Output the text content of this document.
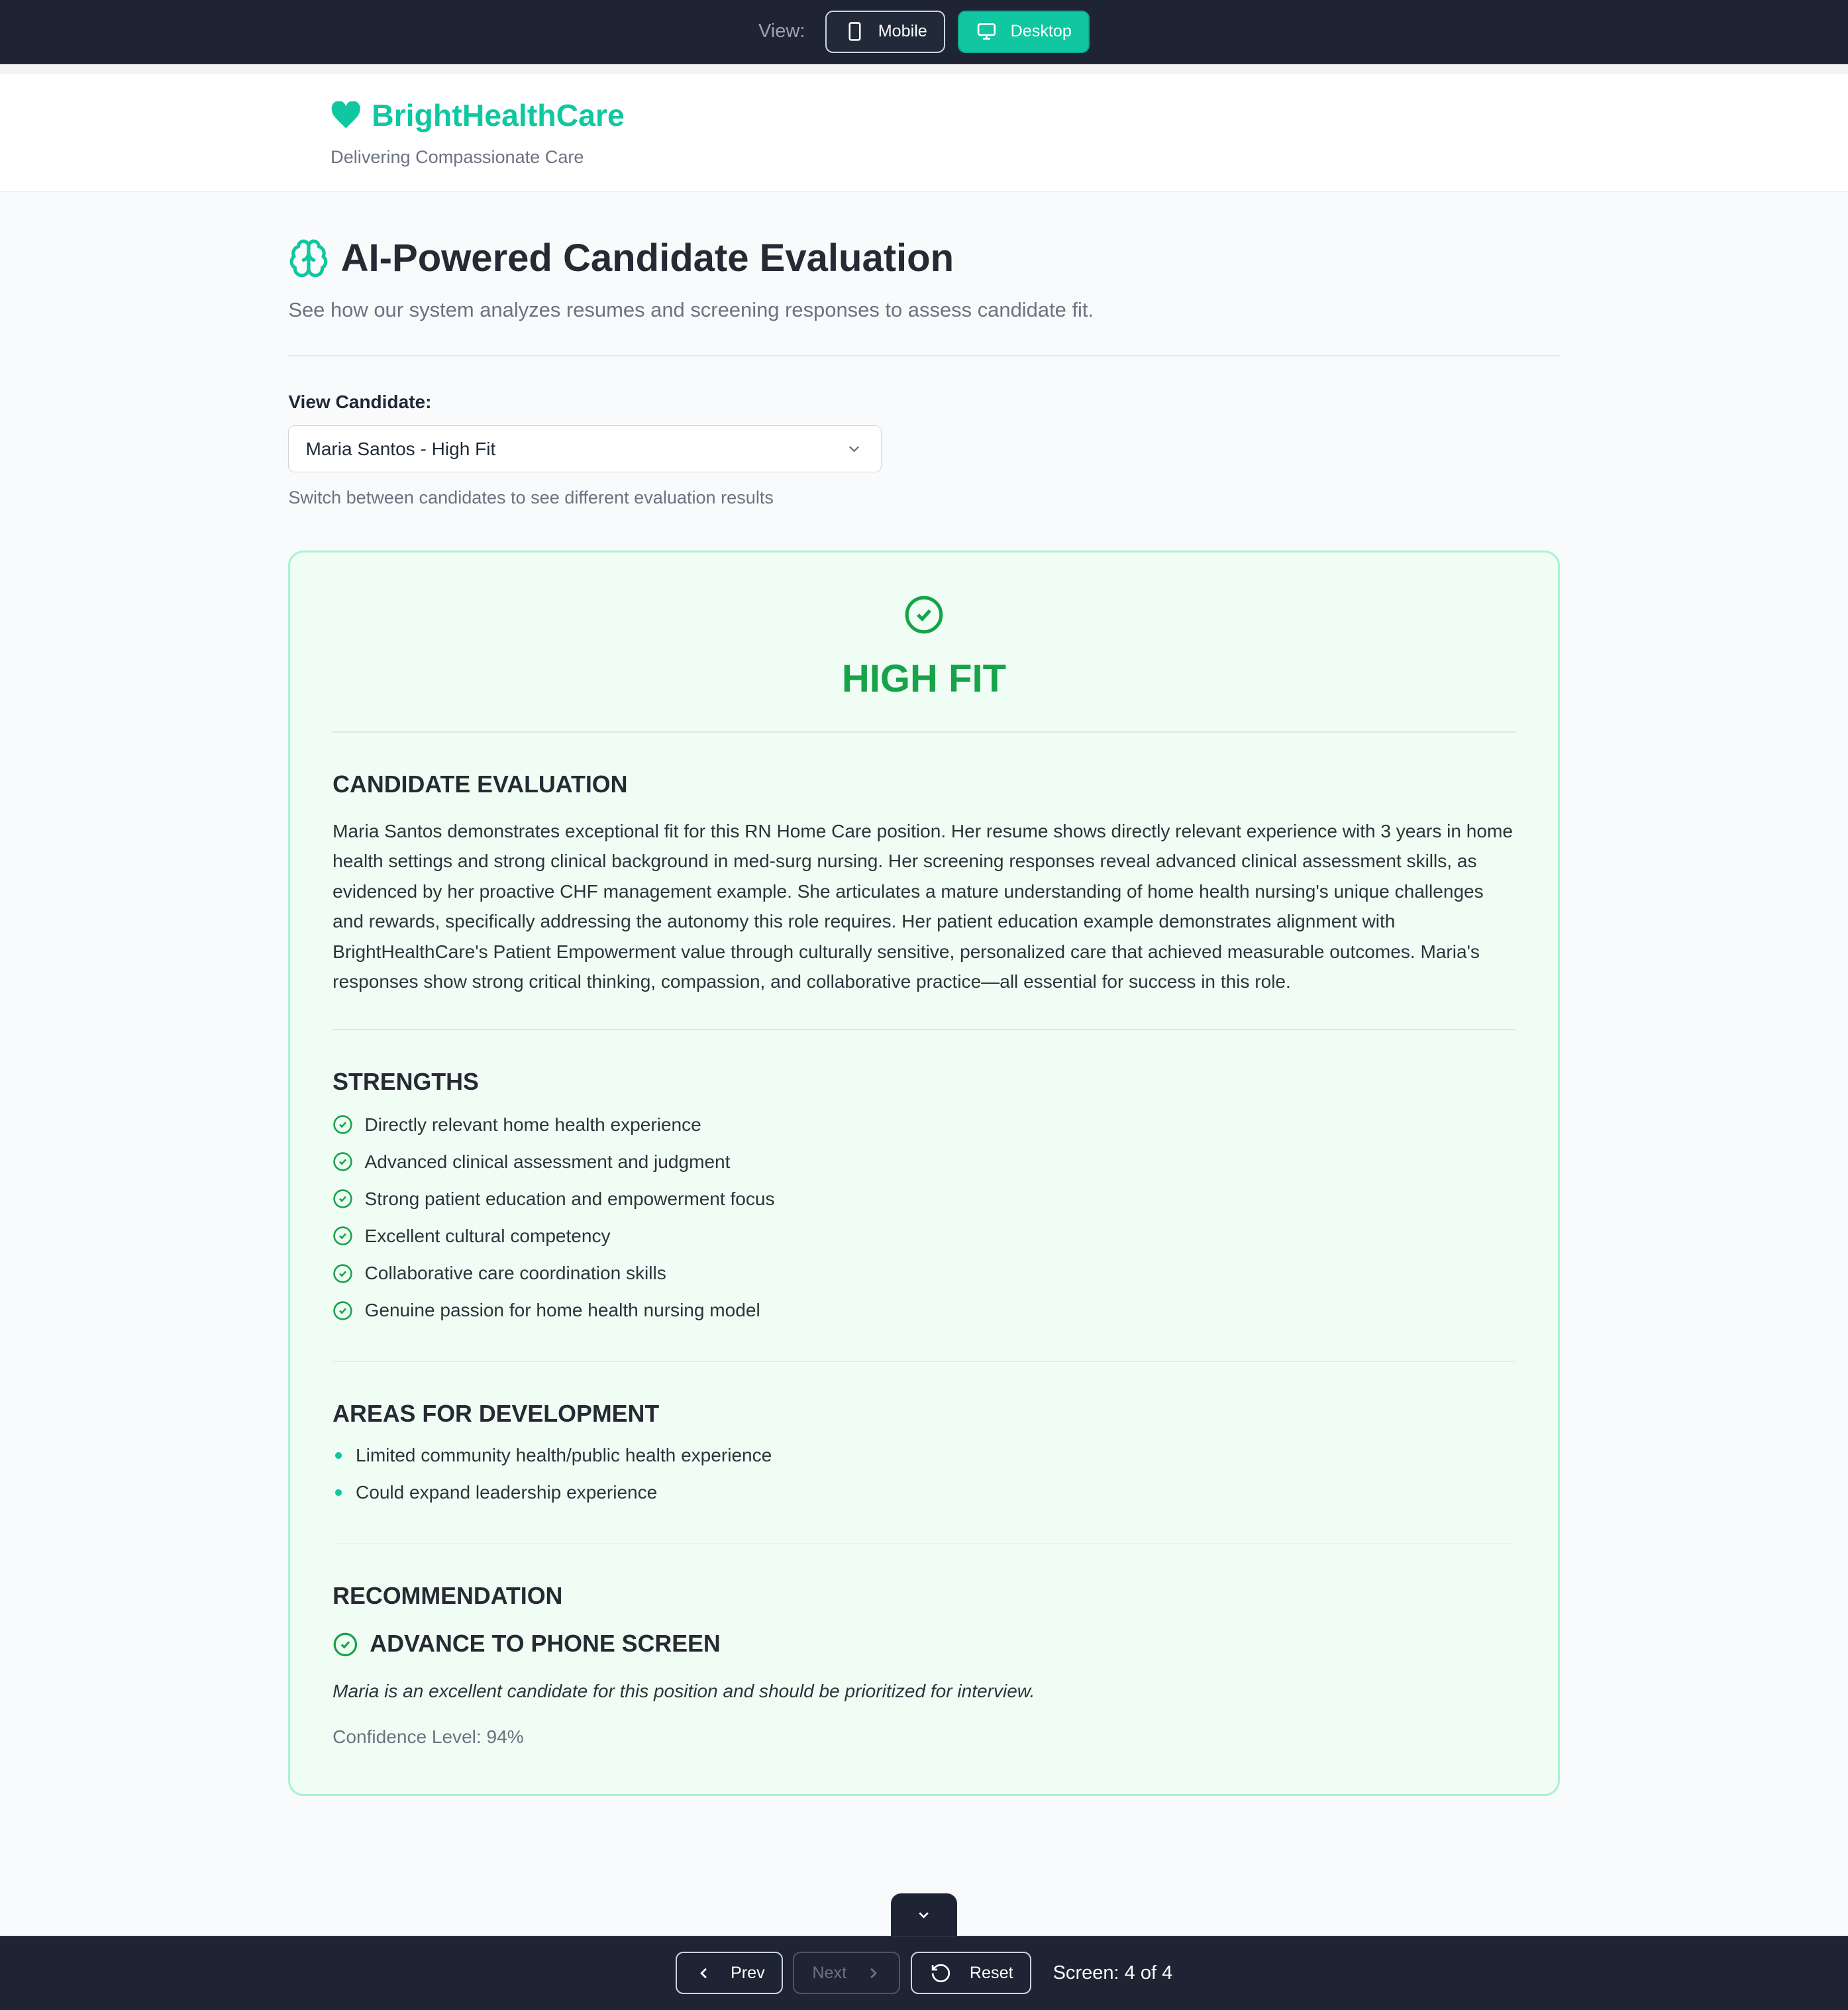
View:	Mobile	Desktop
BrightHealthCare
Delivering Compassionate Care
AI-Powered Candidate Evaluation
See how our system analyzes resumes and screening responses to assess candidate fit.
View Candidate:
Maria Santos - High Fit
Switch between candidates to see different evaluation results
HIGH FIT
CANDIDATE EVALUATION

Maria Santos demonstrates exceptional fit for this RN Home Care position. Her resume shows directly relevant experience with 3 years in home health settings and strong clinical background in med-surg nursing. Her screening responses reveal advanced clinical assessment skills, as evidenced by her proactive CHF management example. She articulates a mature understanding of home health nursing's unique challenges and rewards, specifically addressing the autonomy this role requires. Her patient education example demonstrates alignment with BrightHealthCare's Patient Empowerment value through culturally sensitive, personalized care that achieved measurable outcomes. Maria's responses show strong critical thinking, compassion, and collaborative practice—all essential for success in this role.

STRENGTHS
Directly relevant home health experience
Advanced clinical assessment and judgment
Strong patient education and empowerment focus
Excellent cultural competency
Collaborative care coordination skills
Genuine passion for home health nursing model
AREAS FOR DEVELOPMENT
Limited community health/public health experience
Could expand leadership experience
RECOMMENDATION
ADVANCE TO PHONE SCREEN
Maria is an excellent candidate for this position and should be prioritized for interview.
Confidence Level: 94%
Prev	Next	Reset	Screen: 4 of 4
